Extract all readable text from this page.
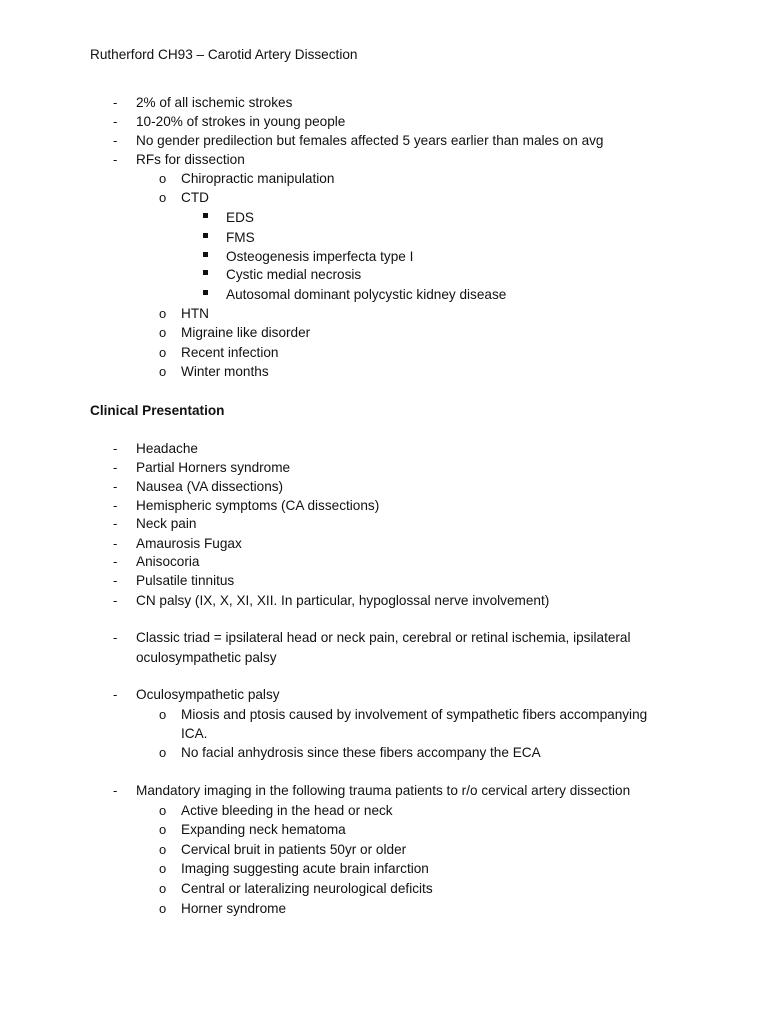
Rutherford CH93 – Carotid Artery Dissection
- 2% of all ischemic strokes
- 10-20% of strokes in young people
- No gender predilection but females affected 5 years earlier than males on avg
- RFs for dissection
o Chiropractic manipulation
o CTD
EDS
FMS
Osteogenesis imperfecta type I
Cystic medial necrosis
Autosomal dominant polycystic kidney disease
o HTN
o Migraine like disorder
o Recent infection
o Winter months
Clinical Presentation
- Headache
- Partial Horners syndrome
- Nausea (VA dissections)
- Hemispheric symptoms (CA dissections)
- Neck pain
- Amaurosis Fugax
- Anisocoria
- Pulsatile tinnitus
- CN palsy (IX, X, XI, XII. In particular, hypoglossal nerve involvement)
- Classic triad = ipsilateral head or neck pain, cerebral or retinal ischemia, ipsilateral
oculosympathetic palsy
- Oculosympathetic palsy
o Miosis and ptosis caused by involvement of sympathetic fibers accompanying
ICA.
o No facial anhydrosis since these fibers accompany the ECA
- Mandatory imaging in the following trauma patients to r/o cervical artery dissection
o Active bleeding in the head or neck
o Expanding neck hematoma
o Cervical bruit in patients 50yr or older
o Imaging suggesting acute brain infarction
o Central or lateralizing neurological deficits
o Horner syndrome
